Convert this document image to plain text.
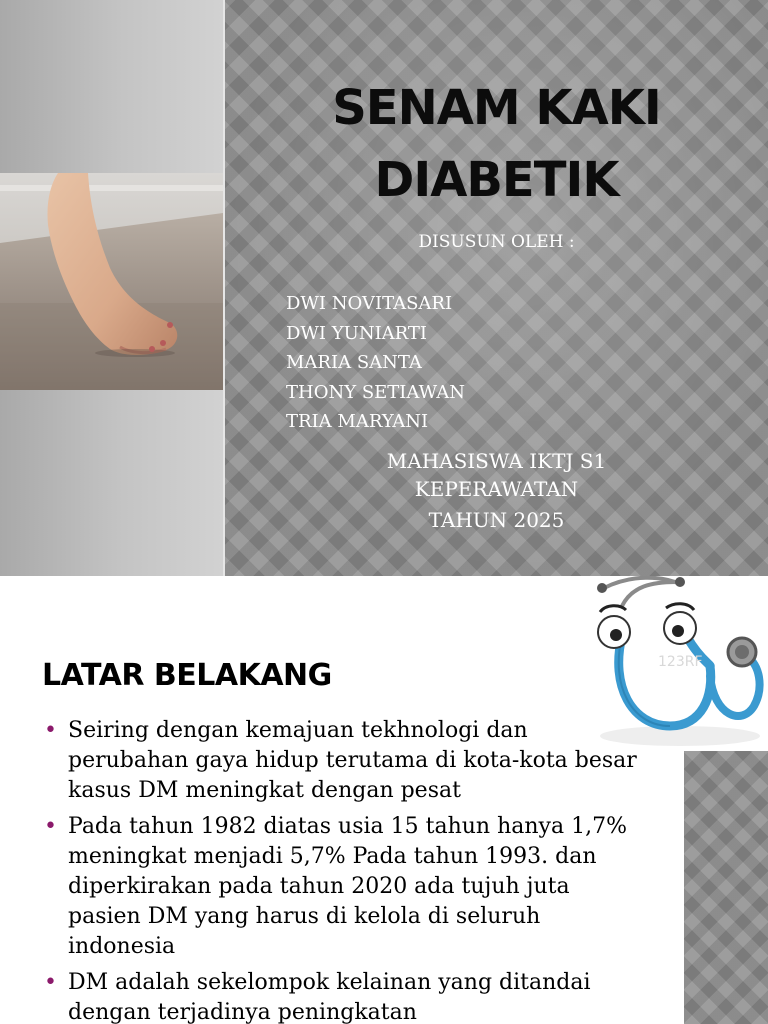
SENAM KAKI
DIABETIK
DISUSUN OLEH :
DWI NOVITASARI
DWI YUNIARTI
MARIA SANTA
THONY SETIAWAN
TRIA MARYANI
MAHASISWA IKTJ S1
KEPERAWATAN
TAHUN 2025
123RF
LATAR BELAKANG
• Seiring dengan kemajuan tekhnologi dan perubahan gaya hidup terutama di kota-kota besar kasus DM meningkat dengan pesat
• Pada tahun 1982 diatas usia 15 tahun hanya 1,7% meningkat menjadi 5,7% Pada tahun 1993. dan diperkirakan pada tahun 2020 ada tujuh juta pasien DM yang harus di kelola di seluruh indonesia
• DM adalah sekelompok kelainan yang ditandai dengan terjadinya peningkatan
